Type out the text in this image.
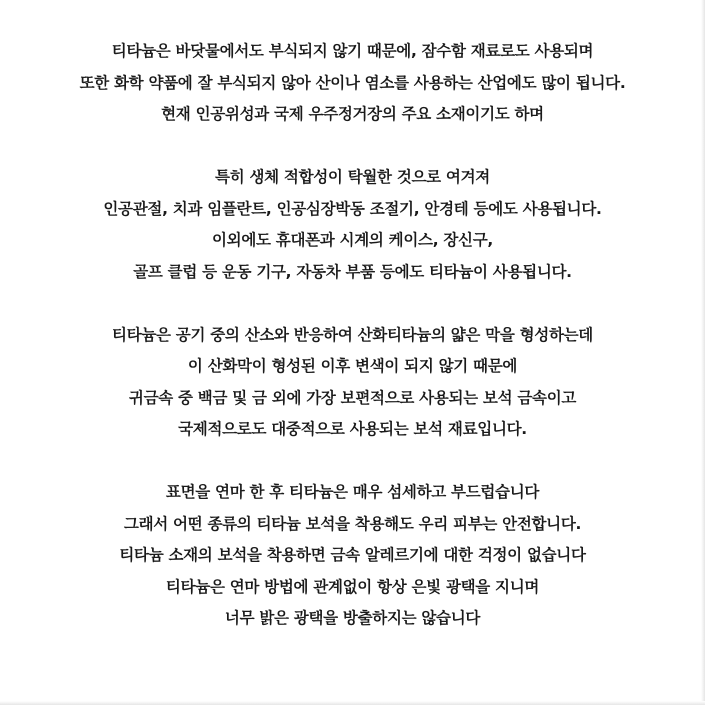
티타늄은 바닷물에서도 부식되지 않기 때문에, 잠수함 재료로도 사용되며
또한 화학 약품에 잘 부식되지 않아 산이나 염소를 사용하는 산업에도 많이 됩니다.
현재 인공위성과 국제 우주정거장의 주요 소재이기도 하며
특히 생체 적합성이 탁월한 것으로 여겨져
인공관절, 치과 임플란트, 인공심장박동 조절기, 안경테 등에도 사용됩니다.
이외에도 휴대폰과 시계의 케이스, 장신구,
골프 클럽 등 운동 기구, 자동차 부품 등에도 티타늄이 사용됩니다.
티타늄은 공기 중의 산소와 반응하여 산화티타늄의 얇은 막을 형성하는데
이 산화막이 형성된 이후 변색이 되지 않기 때문에
귀금속 중 백금 및 금 외에 가장 보편적으로 사용되는 보석 금속이고
국제적으로도 대중적으로 사용되는 보석 재료입니다.
표면을 연마 한 후 티타늄은 매우 섬세하고 부드럽습니다
그래서 어떤 종류의 티타늄 보석을 착용해도 우리 피부는 안전합니다.
티타늄 소재의 보석을 착용하면 금속 알레르기에 대한 걱정이 없습니다
티타늄은 연마 방법에 관계없이 항상 은빛 광택을 지니며
너무 밝은 광택을 방출하지는 않습니다
